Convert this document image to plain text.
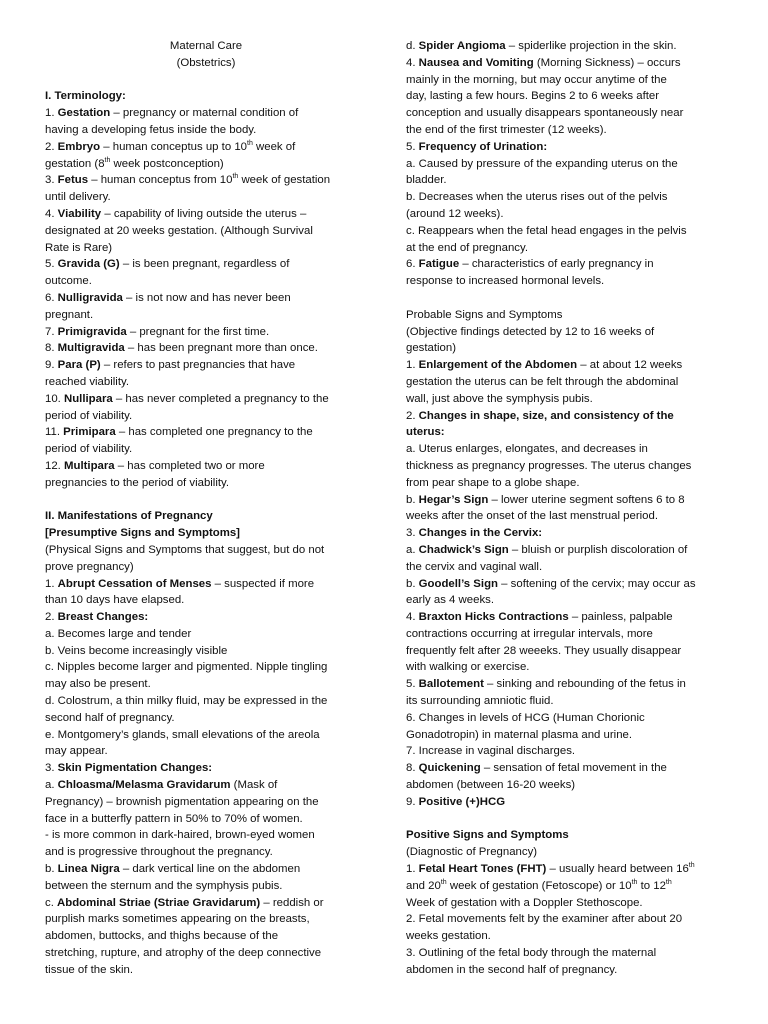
Maternal Care
(Obstetrics)
I. Terminology:
1. Gestation – pregnancy or maternal condition of
having a developing fetus inside the body.
2. Embryo – human conceptus up to 10th week of
gestation (8th week postconception)
3. Fetus – human conceptus from 10th week of gestation
until delivery.
4. Viability – capability of living outside the uterus –
designated at 20 weeks gestation. (Although Survival
Rate is Rare)
5. Gravida (G) – is been pregnant, regardless of
outcome.
6. Nulligravida – is not now and has never been
pregnant.
7. Primigravida – pregnant for the first time.
8. Multigravida – has been pregnant more than once.
9. Para (P) – refers to past pregnancies that have
reached viability.
10. Nullipara – has never completed a pregnancy to the
period of viability.
11. Primipara – has completed one pregnancy to the
period of viability.
12. Multipara – has completed two or more
pregnancies to the period of viability.
II. Manifestations of Pregnancy
[Presumptive Signs and Symptoms]
(Physical Signs and Symptoms that suggest, but do not
prove pregnancy)
1. Abrupt Cessation of Menses – suspected if more
than 10 days have elapsed.
2. Breast Changes:
a. Becomes large and tender
b. Veins become increasingly visible
c. Nipples become larger and pigmented. Nipple tingling
may also be present.
d. Colostrum, a thin milky fluid, may be expressed in the
second half of pregnancy.
e. Montgomery’s glands, small elevations of the areola
may appear.
3. Skin Pigmentation Changes:
a. Chloasma/Melasma Gravidarum (Mask of
Pregnancy) – brownish pigmentation appearing on the
face in a butterfly pattern in 50% to 70% of women.
- is more common in dark-haired, brown-eyed women
and is progressive throughout the pregnancy.
b. Linea Nigra – dark vertical line on the abdomen
between the sternum and the symphysis pubis.
c. Abdominal Striae (Striae Gravidarum) – reddish or
purplish marks sometimes appearing on the breasts,
abdomen, buttocks, and thighs because of the
stretching, rupture, and atrophy of the deep connective
tissue of the skin.
d. Spider Angioma – spiderlike projection in the skin.
4. Nausea and Vomiting (Morning Sickness) – occurs
mainly in the morning, but may occur anytime of the
day, lasting a few hours. Begins 2 to 6 weeks after
conception and usually disappears spontaneously near
the end of the first trimester (12 weeks).
5. Frequency of Urination:
a. Caused by pressure of the expanding uterus on the
bladder.
b. Decreases when the uterus rises out of the pelvis
(around 12 weeks).
c. Reappears when the fetal head engages in the pelvis
at the end of pregnancy.
6. Fatigue – characteristics of early pregnancy in
response to increased hormonal levels.
Probable Signs and Symptoms
(Objective findings detected by 12 to 16 weeks of
gestation)
1. Enlargement of the Abdomen – at about 12 weeks
gestation the uterus can be felt through the abdominal
wall, just above the symphysis pubis.
2. Changes in shape, size, and consistency of the
uterus:
a. Uterus enlarges, elongates, and decreases in
thickness as pregnancy progresses. The uterus changes
from pear shape to a globe shape.
b. Hegar’s Sign – lower uterine segment softens 6 to 8
weeks after the onset of the last menstrual period.
3. Changes in the Cervix:
a. Chadwick’s Sign – bluish or purplish discoloration of
the cervix and vaginal wall.
b. Goodell’s Sign – softening of the cervix; may occur as
early as 4 weeks.
4. Braxton Hicks Contractions – painless, palpable
contractions occurring at irregular intervals, more
frequently felt after 28 weeeks. They usually disappear
with walking or exercise.
5. Ballotement – sinking and rebounding of the fetus in
its surrounding amniotic fluid.
6. Changes in levels of HCG (Human Chorionic
Gonadotropin) in maternal plasma and urine.
7. Increase in vaginal discharges.
8. Quickening – sensation of fetal movement in the
abdomen (between 16-20 weeks)
9. Positive (+)HCG
Positive Signs and Symptoms
(Diagnostic of Pregnancy)
1. Fetal Heart Tones (FHT) – usually heard between 16th
and 20th week of gestation (Fetoscope) or 10th to 12th
Week of gestation with a Doppler Stethoscope.
2. Fetal movements felt by the examiner after about 20
weeks gestation.
3. Outlining of the fetal body through the maternal
abdomen in the second half of pregnancy.
